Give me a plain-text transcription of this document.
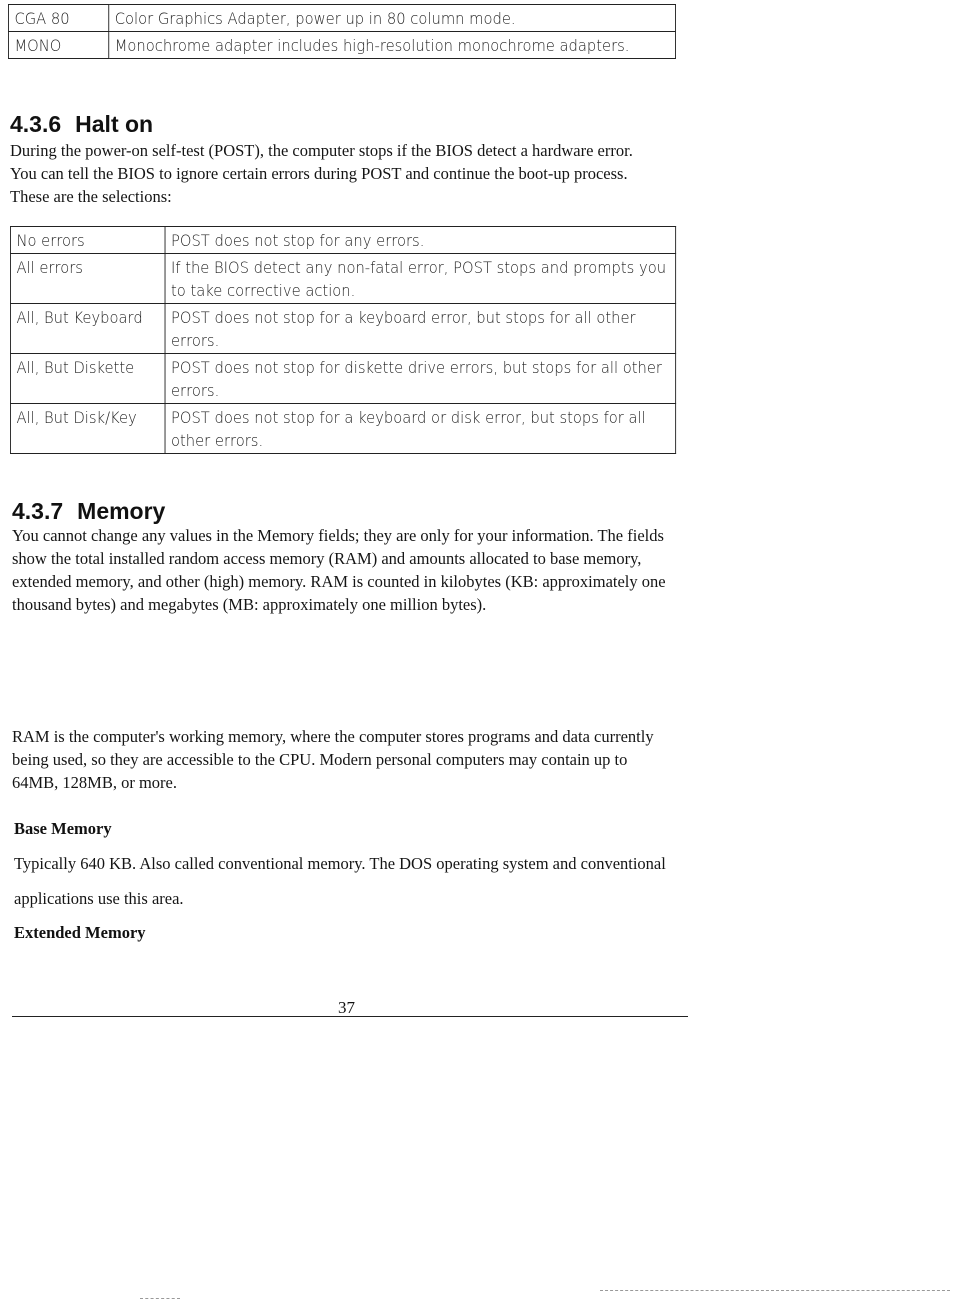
CGA 80	Color Graphics Adapter, power up in 80 column mode.
MONO	Monochrome adapter includes high-resolution monochrome adapters.
4.3.6 Halt on

During the power-on self-test (POST), the computer stops if the BIOS detect a hardware error. You can tell the BIOS to ignore certain errors during POST and continue the boot-up process. These are the selections:

No errors	POST does not stop for any errors.
All errors	If the BIOS detect any non-fatal error, POST stops and prompts you to take corrective action.
All, But Keyboard	POST does not stop for a keyboard error, but stops for all other errors.
All, But Diskette	POST does not stop for diskette drive errors, but stops for all other errors.
All, But Disk/Key	POST does not stop for a keyboard or disk error, but stops for all other errors.
4.3.7 Memory

You cannot change any values in the Memory fields; they are only for your information. The fields show the total installed random access memory (RAM) and amounts allocated to base memory, extended memory, and other (high) memory. RAM is counted in kilobytes (KB: approximately one thousand bytes) and megabytes (MB: approximately one million bytes).

RAM is the computer's working memory, where the computer stores programs and data currently being used, so they are accessible to the CPU. Modern personal computers may contain up to 64MB, 128MB, or more.

Base Memory

Typically 640 KB. Also called conventional memory. The DOS operating system and conventional applications use this area.

Extended Memory

37
